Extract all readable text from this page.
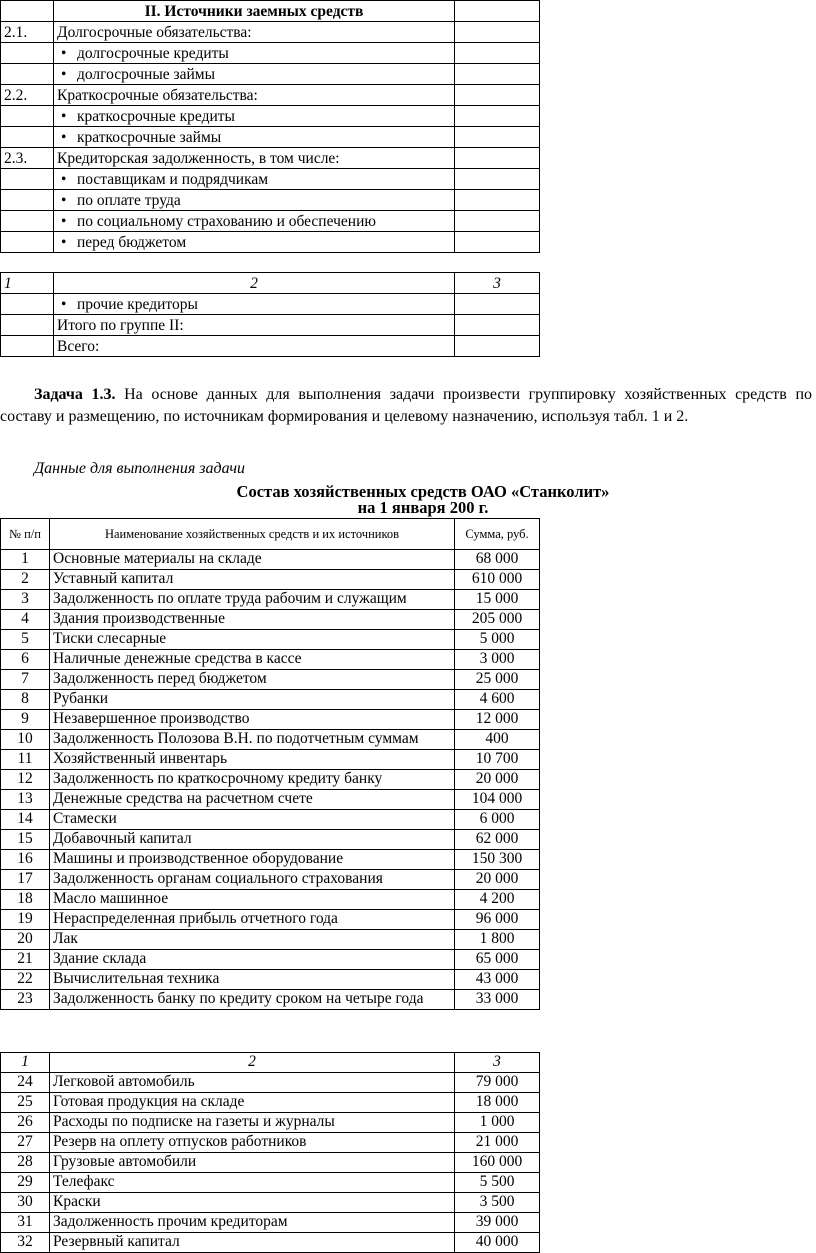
	II. Источники заемных средств	
2.1.	Долгосрочные обязательства:	
	• долгосрочные кредиты	
	• долгосрочные займы	
2.2.	Краткосрочные обязательства:	
	• краткосрочные кредиты	
	• краткосрочные займы	
2.3.	Кредиторская задолженность, в том числе:	
	• поставщикам и подрядчикам	
	• по оплате труда	
	• по социальному страхованию и обеспечению	
	• перед бюджетом	
1	2	3
	• прочие кредиторы	
	Итого по группе II:	
	Всего:	
Задача 1.3. На основе данных для выполнения задачи произвести группировку хозяйственных средств по составу и размещению, по источникам формирования и целевому назначению, используя табл. 1 и 2.
Данные для выполнения задачи
Состав хозяйственных средств ОАО «Станколит»
на 1 января 200 г.
№ п/п	Наименование хозяйственных средств и их источников	Сумма, руб.
1	Основные материалы на складе	68 000
2	Уставный капитал	610 000
3	Задолженность по оплате труда рабочим и служащим	15 000
4	Здания производственные	205 000
5	Тиски слесарные	5 000
6	Наличные денежные средства в кассе	3 000
7	Задолженность перед бюджетом	25 000
8	Рубанки	4 600
9	Незавершенное производство	12 000
10	Задолженность Полозова В.Н. по подотчетным суммам	400
11	Хозяйственный инвентарь	10 700
12	Задолженность по краткосрочному кредиту банку	20 000
13	Денежные средства на расчетном счете	104 000
14	Стамески	6 000
15	Добавочный капитал	62 000
16	Машины и производственное оборудование	150 300
17	Задолженность органам социального страхования	20 000
18	Масло машинное	4 200
19	Нераспределенная прибыль отчетного года	96 000
20	Лак	1 800
21	Здание склада	65 000
22	Вычислительная техника	43 000
23	Задолженность банку по кредиту сроком на четыре года	33 000
1	2	3
24	Легковой автомобиль	79 000
25	Готовая продукция на складе	18 000
26	Расходы по подписке на газеты и журналы	1 000
27	Резерв на оплету отпусков работников	21 000
28	Грузовые автомобили	160 000
29	Телефакс	5 500
30	Краски	3 500
31	Задолженность прочим кредиторам	39 000
32	Резервный капитал	40 000
